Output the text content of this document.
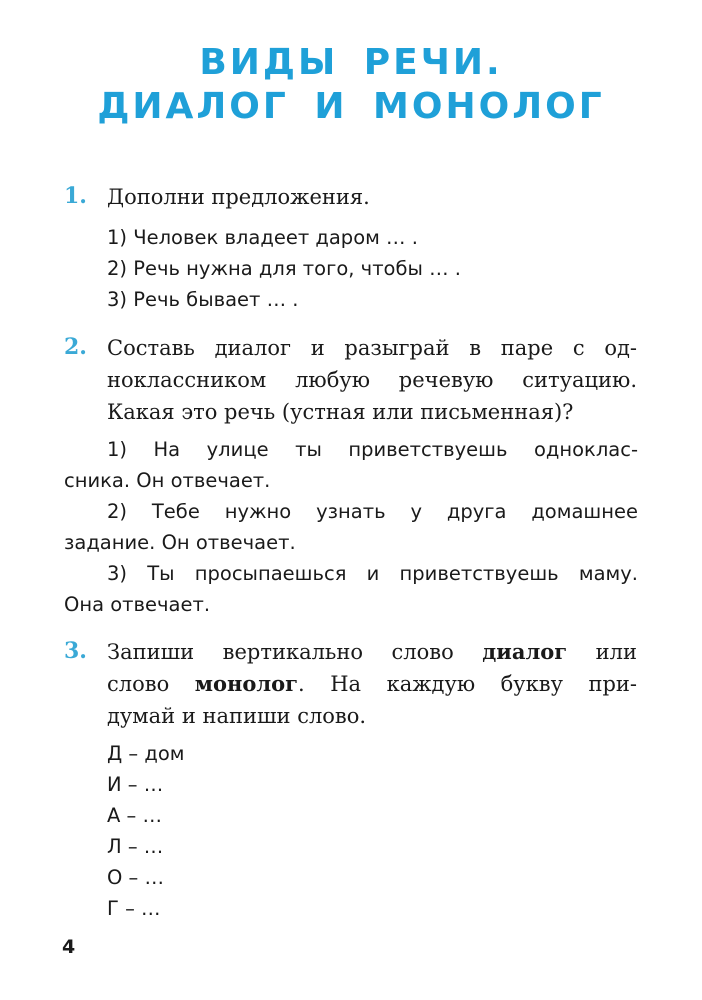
ВИДЫ РЕЧИ.
ДИАЛОГ И МОНОЛОГ
1. Дополни предложения.
1) Человек владеет даром … .
2) Речь нужна для того, чтобы … .
3) Речь бывает … .
2. Составь диалог и разыграй в паре с од-
ноклассником любую речевую ситуацию.
Какая это речь (устная или письменная)?
1) На улице ты приветствуешь одноклас-
сника. Он отвечает.
2) Тебе нужно узнать у друга домашнее
задание. Он отвечает.
3) Ты просыпаешься и приветствуешь маму.
Она отвечает.
3. Запиши вертикально слово диалог или
слово монолог. На каждую букву при-
думай и напиши слово.
Д – дом
И – …
А – …
Л – …
О – …
Г – …
4
